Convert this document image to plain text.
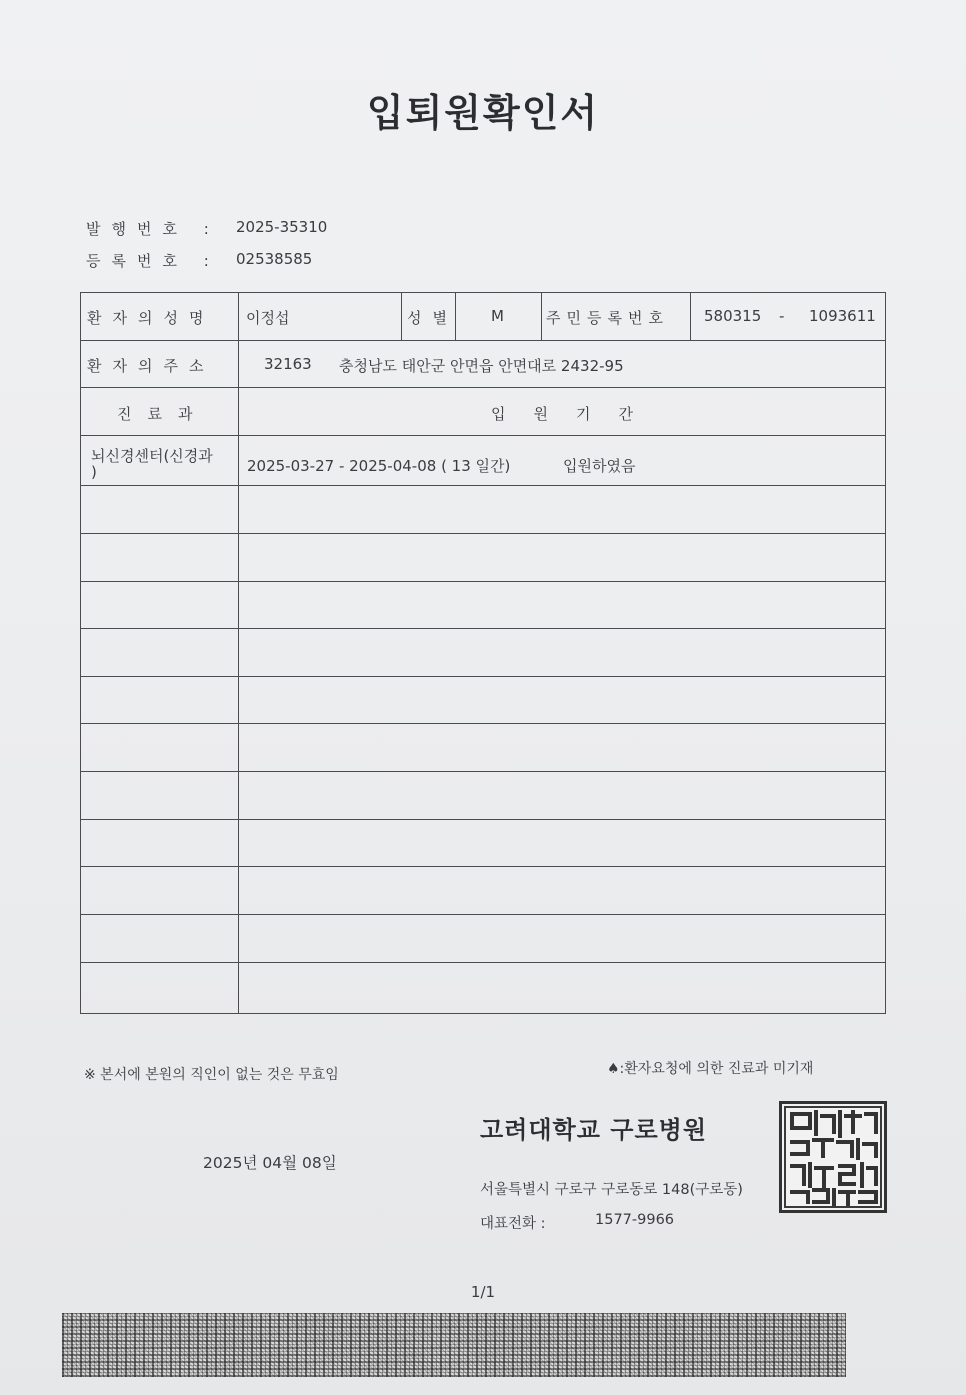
입퇴원확인서
발행번호 :	2025-35310
등록번호 :	02538585
환자의성명 이정섭	성별 M	주민등록번호 580315 - 1093611
환자의주소	32163 충청남도 태안군 안면읍 안면대로 2432-95
진료과	입원기간
뇌신경센터(신경과
)	2025-03-27 - 2025-04-08 ( 13 일간)	입원하였음
※ 본서에 본원의 직인이 없는 것은 무효임	♠:환자요청에 의한 진료과 미기재
고려대학교 구로병원
2025년 04월 08일
서울특별시 구로구 구로동로 148(구로동)
대표전화 :	1577-9966
1/1
